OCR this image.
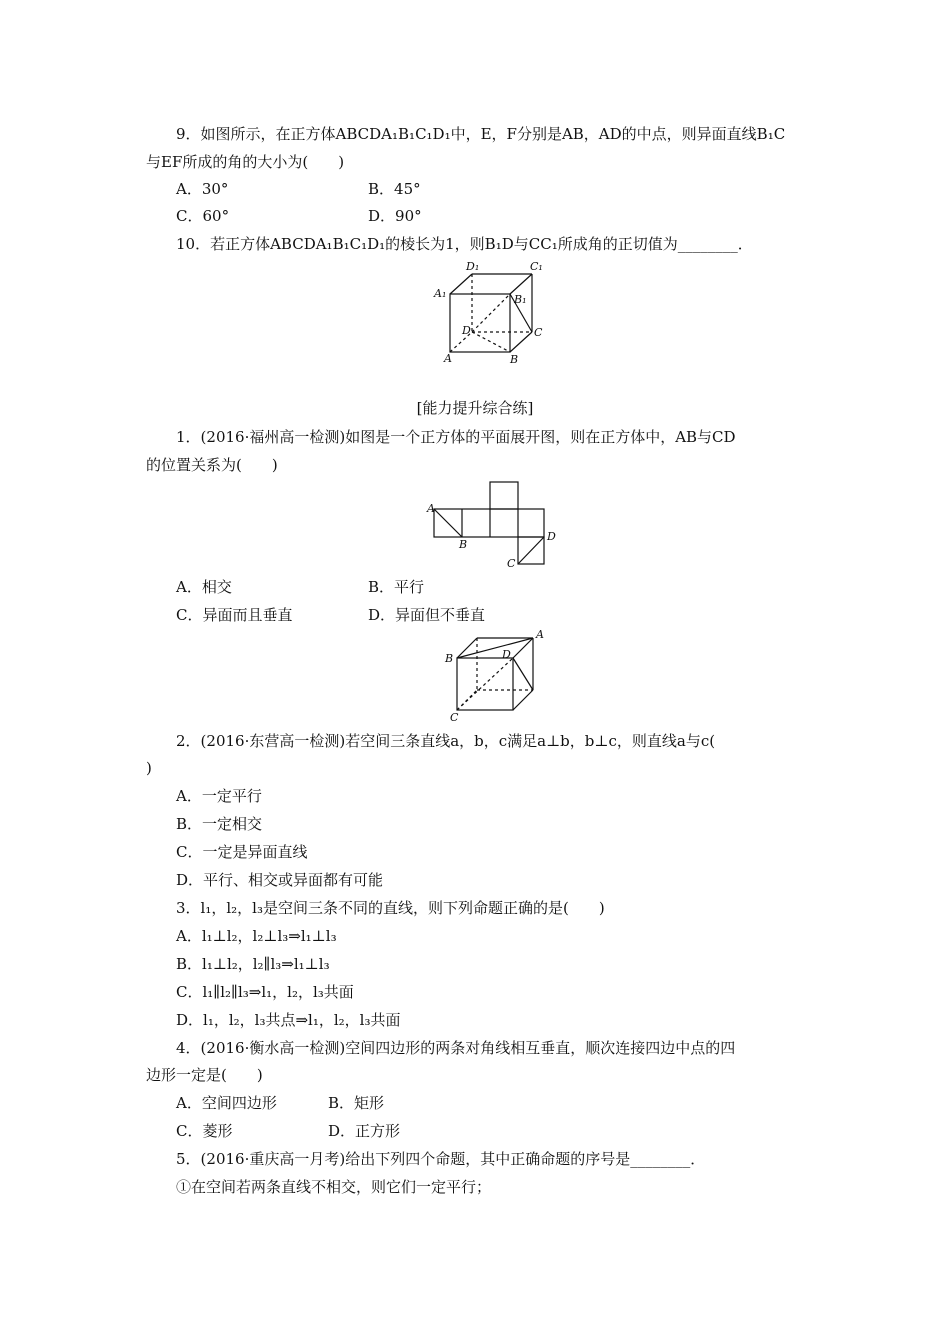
9．如图所示，在正方体ABCDA₁B₁C₁D₁中，E，F分别是AB，AD的中点，则异面直线B₁C
与EF所成的角的大小为(　　)
A．30°	B．45°
C．60°	D．90°
10．若正方体ABCDA₁B₁C₁D₁的棱长为1，则B₁D与CC₁所成角的正切值为________．
D₁	C₁
A₁	B₁
D	C
A	B
[能力提升综合练]
1．(2016·福州高一检测)如图是一个正方体的平面展开图，则在正方体中，AB与CD
的位置关系为(　　)
A
B
D
C
A．相交	B．平行
C．异面而且垂直	D．异面但不垂直
A
B	D
C
2．(2016·东营高一检测)若空间三条直线a，b，c满足a⊥b，b⊥c，则直线a与c(
)
A．一定平行
B．一定相交
C．一定是异面直线
D．平行、相交或异面都有可能
3．l₁，l₂，l₃是空间三条不同的直线，则下列命题正确的是(　　)
A．l₁⊥l₂，l₂⊥l₃⇒l₁⊥l₃
B．l₁⊥l₂，l₂∥l₃⇒l₁⊥l₃
C．l₁∥l₂∥l₃⇒l₁，l₂，l₃共面
D．l₁，l₂，l₃共点⇒l₁，l₂，l₃共面
4．(2016·衡水高一检测)空间四边形的两条对角线相互垂直，顺次连接四边中点的四
边形一定是(　　)
A．空间四边形	B．矩形
C．菱形	D．正方形
5．(2016·重庆高一月考)给出下列四个命题，其中正确命题的序号是________．
①在空间若两条直线不相交，则它们一定平行；
